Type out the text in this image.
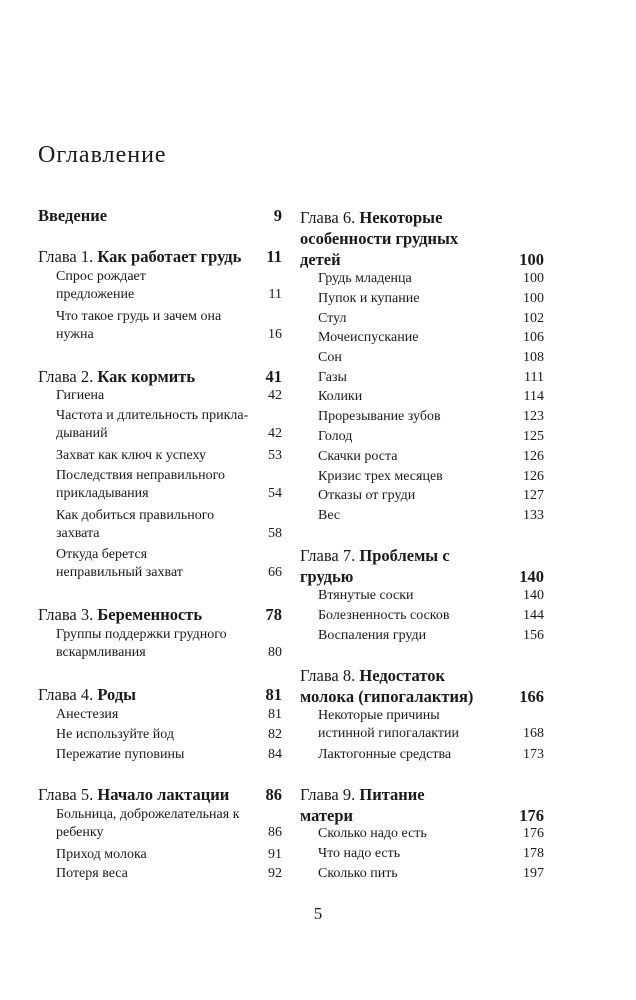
Оглавление
Введение	9
Глава 1. Как работает грудь	11
Спрос рождает предложение	11
Что такое грудь и зачем она нужна	16
Глава 2. Как кормить	41
Гигиена	42
Частота и длительность прикладываний	42
Захват как ключ к успеху	53
Последствия неправильного прикладывания	54
Как добиться правильного захвата	58
Откуда берется неправильный захват	66
Глава 3. Беременность	78
Группы поддержки грудного вскармливания	80
Глава 4. Роды	81
Анестезия	81
Не используйте йод	82
Пережатие пуповины	84
Глава 5. Начало лактации	86
Больница, доброжелательная к ребенку	86
Приход молока	91
Потеря веса	92
Глава 6. Некоторые особенности грудных детей	100
Грудь младенца	100
Пупок и купание	100
Стул	102
Мочеиспускание	106
Сон	108
Газы	111
Колики	114
Прорезывание зубов	123
Голод	125
Скачки роста	126
Кризис трех месяцев	126
Отказы от груди	127
Вес	133
Глава 7. Проблемы с грудью	140
Втянутые соски	140
Болезненность сосков	144
Воспаления груди	156
Глава 8. Недостаток молока (гипогалактия)	166
Некоторые причины истинной гипогалактии	168
Лактогонные средства	173
Глава 9. Питание матери	176
Сколько надо есть	176
Что надо есть	178
Сколько пить	197
5
